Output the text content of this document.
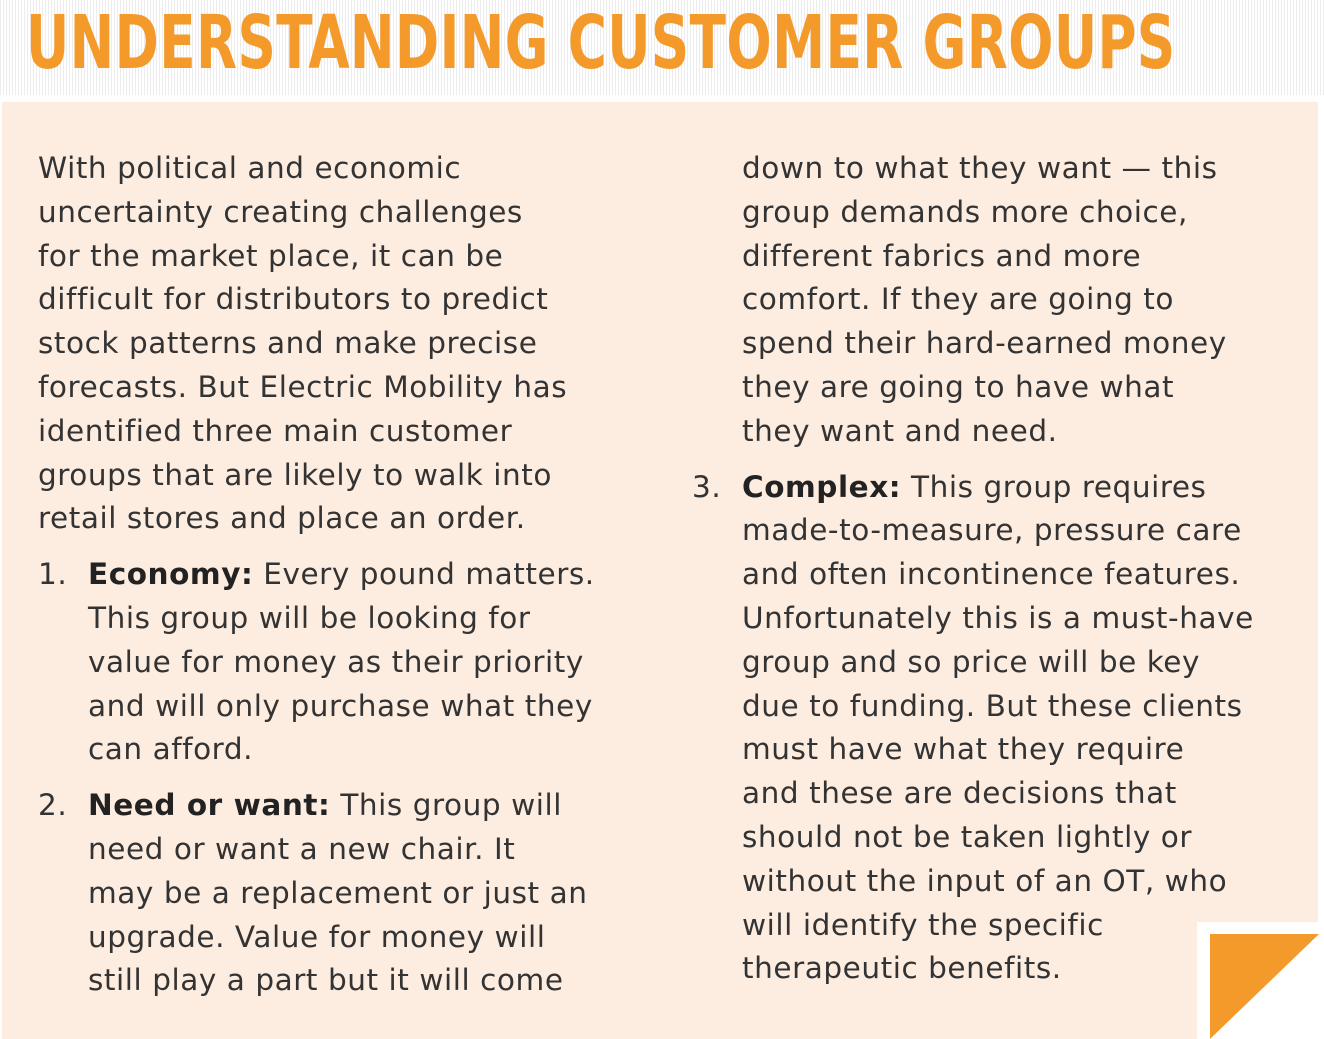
UNDERSTANDING CUSTOMER GROUPS

With political and economic
uncertainty creating challenges
for the market place, it can be
difficult for distributors to predict
stock patterns and make precise
forecasts. But Electric Mobility has
identified three main customer
groups that are likely to walk into
retail stores and place an order.

1. Economy: Every pound matters.
This group will be looking for
value for money as their priority
and will only purchase what they
can afford.
2. Need or want: This group will
need or want a new chair. It
may be a replacement or just an
upgrade. Value for money will
still play a part but it will come
down to what they want — this
group demands more choice,
different fabrics and more
comfort. If they are going to
spend their hard-earned money
they are going to have what
they want and need.
3. Complex: This group requires
made-to-measure, pressure care
and often incontinence features.
Unfortunately this is a must-have
group and so price will be key
due to funding. But these clients
must have what they require
and these are decisions that
should not be taken lightly or
without the input of an OT, who
will identify the specific
therapeutic benefits.
